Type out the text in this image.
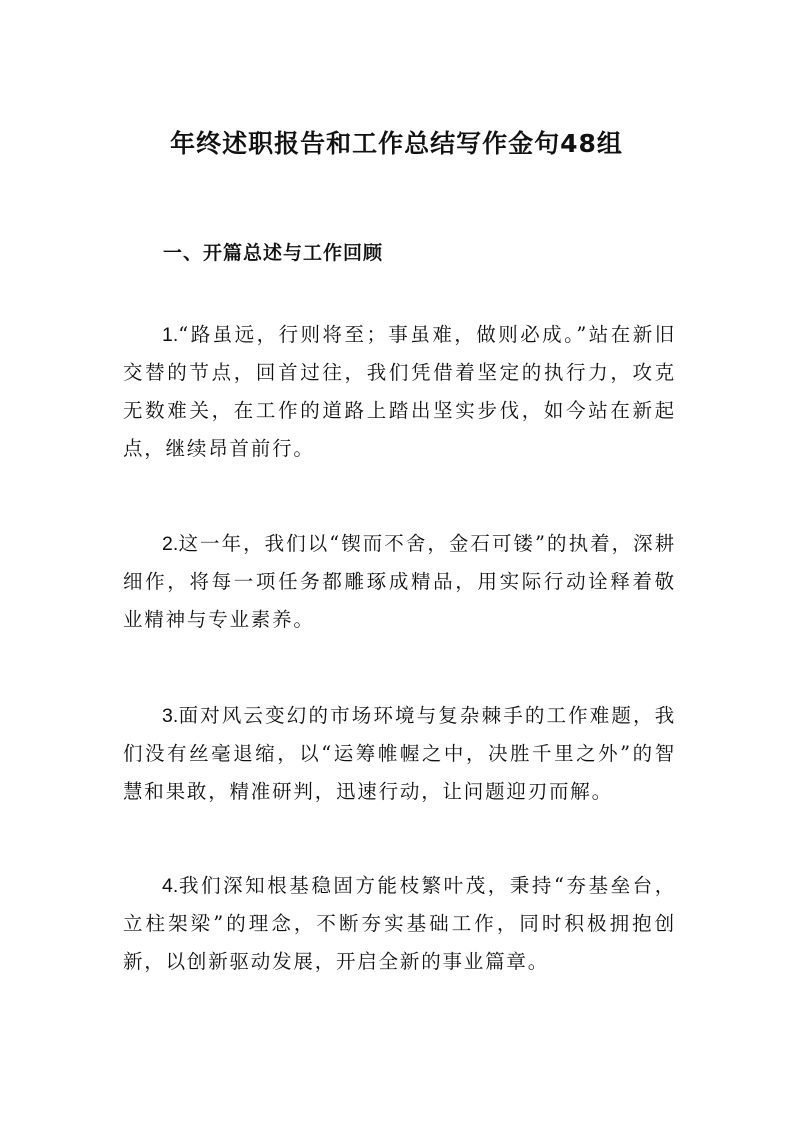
年终述职报告和工作总结写作金句48组
一、开篇总述与工作回顾

1.“路虽远，行则将至；事虽难，做则必成。”站在新旧交替的节点，回首过往，我们凭借着坚定的执行力，攻克无数难关，在工作的道路上踏出坚实步伐，如今站在新起点，继续昂首前行。

2.这一年，我们以“锲而不舍，金石可镂”的执着，深耕细作，将每一项任务都雕琢成精品，用实际行动诠释着敬业精神与专业素养。

3.面对风云变幻的市场环境与复杂棘手的工作难题，我们没有丝毫退缩，以“运筹帷幄之中，决胜千里之外”的智慧和果敢，精准研判，迅速行动，让问题迎刃而解。

4.我们深知根基稳固方能枝繁叶茂，秉持“夯基垒台，立柱架梁”的理念，不断夯实基础工作，同时积极拥抱创新，以创新驱动发展，开启全新的事业篇章。
